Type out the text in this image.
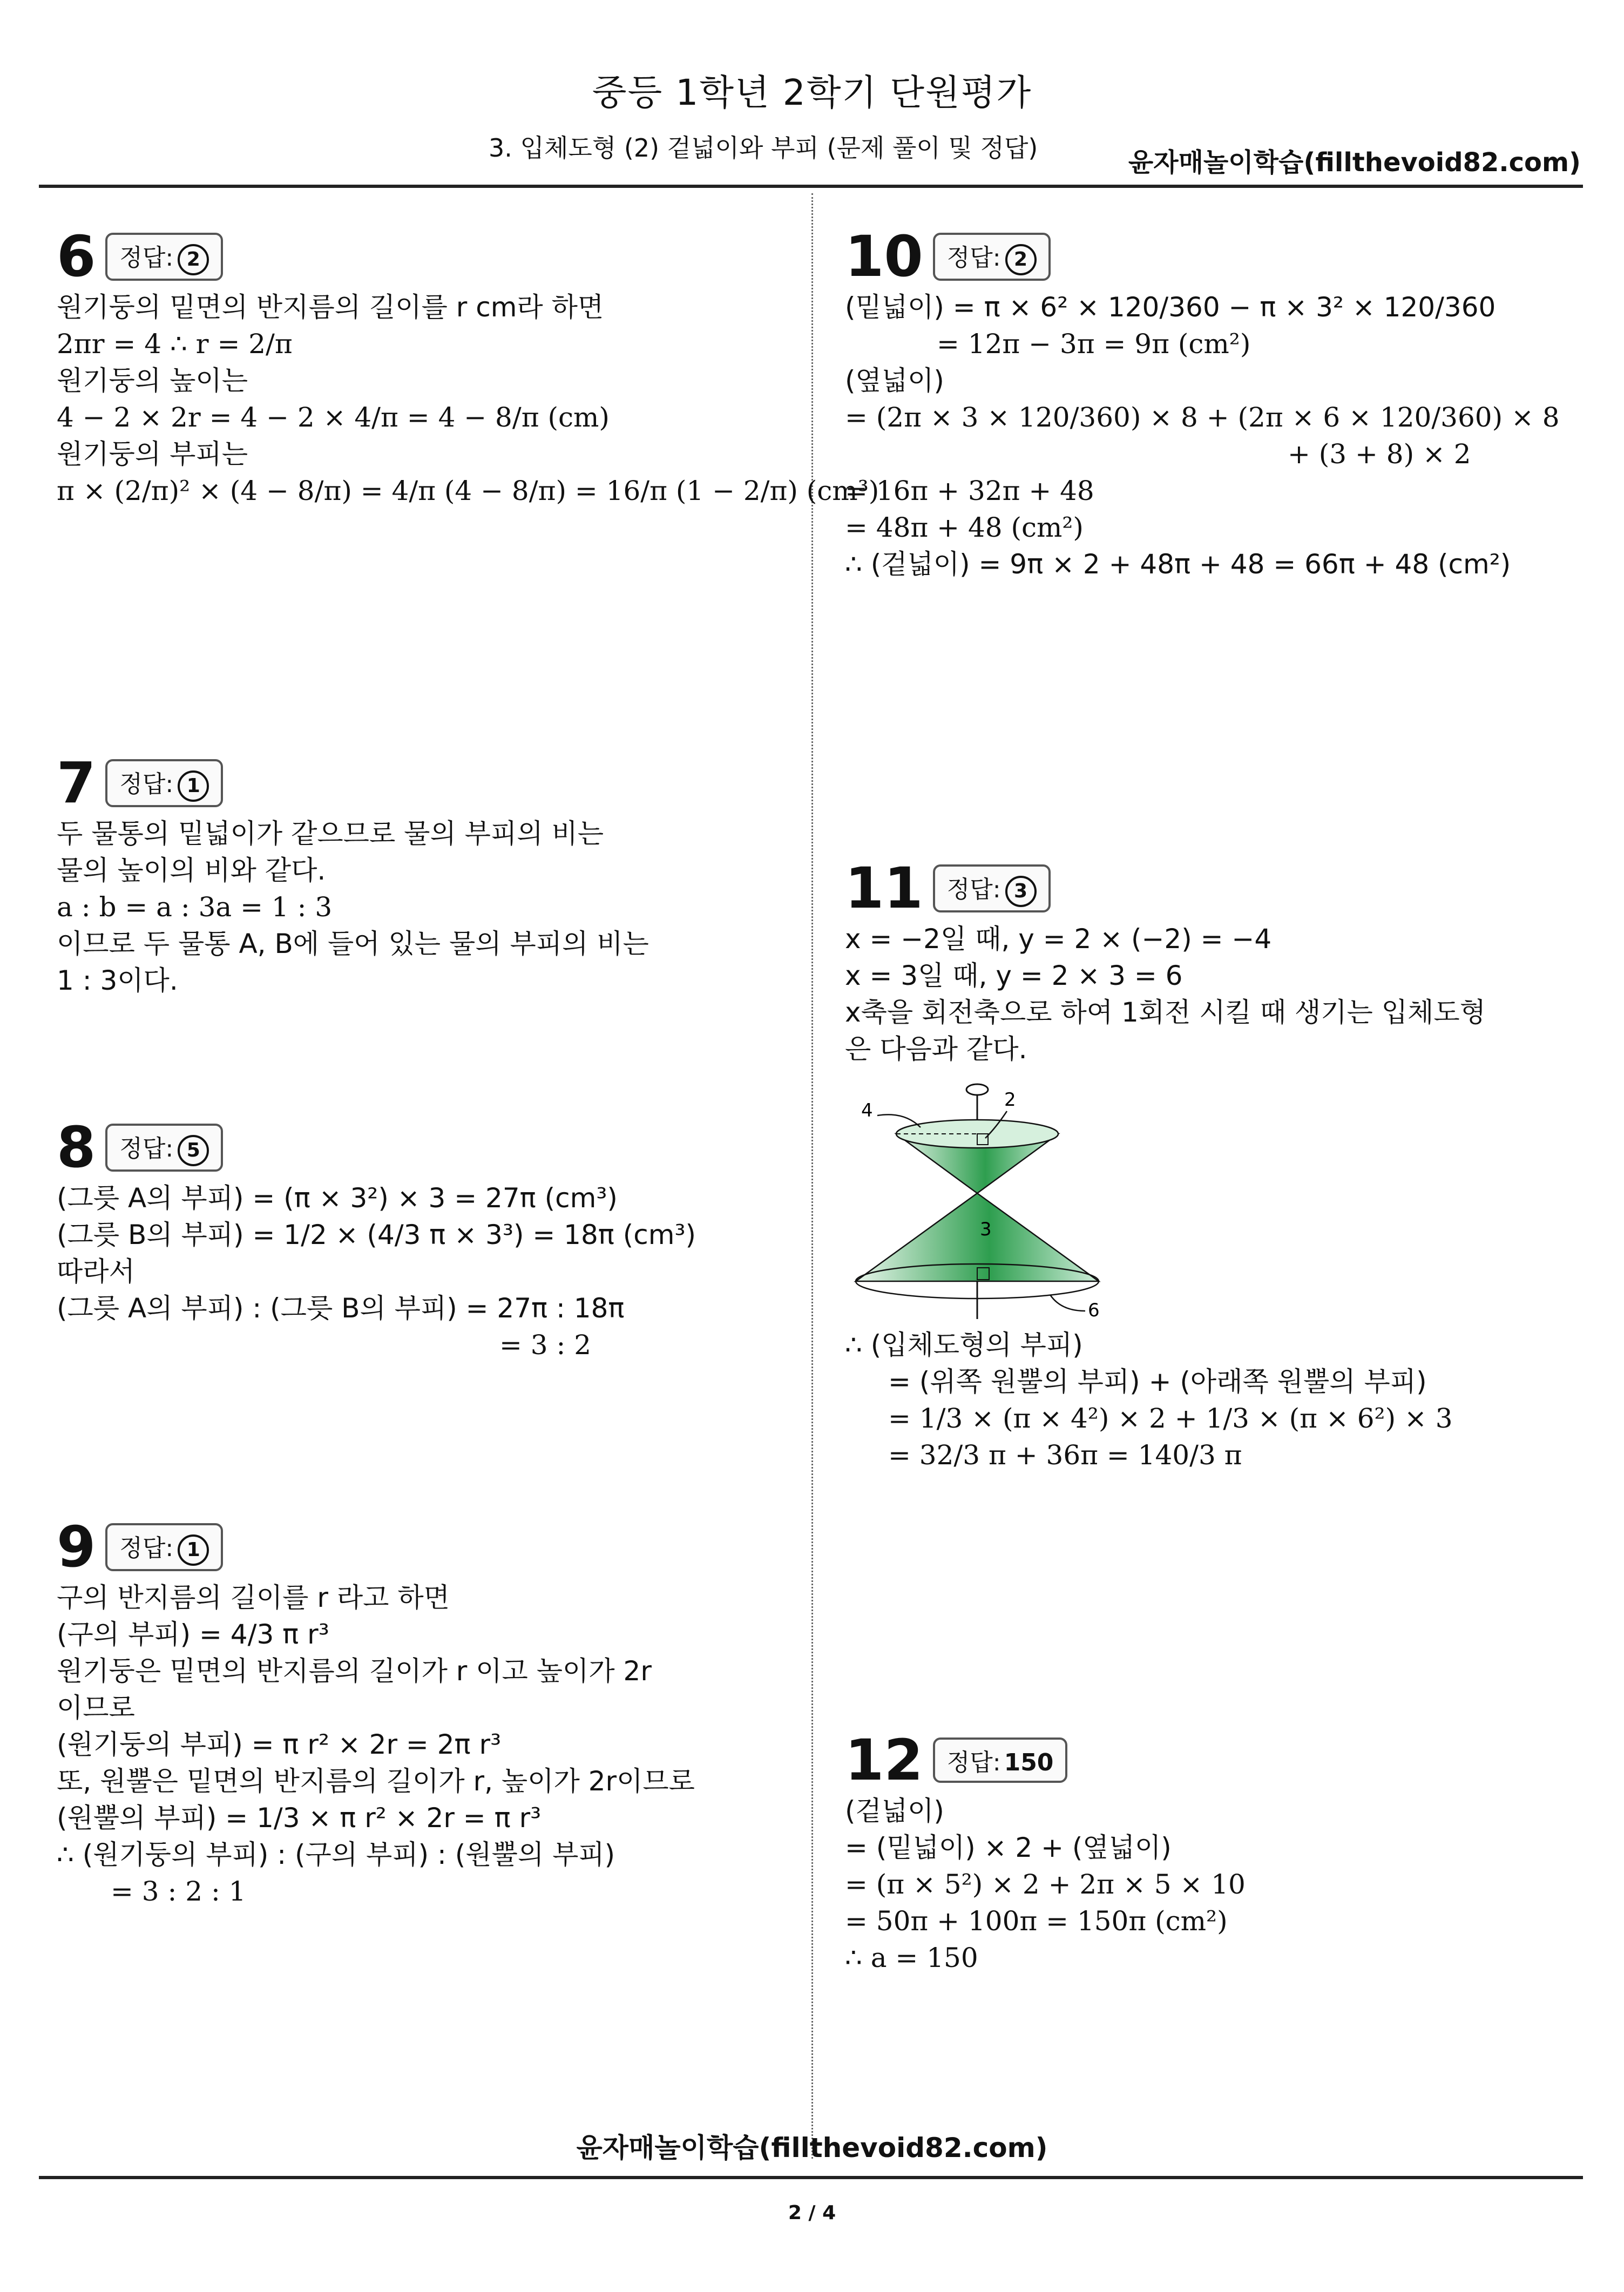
중등 1학년 2학기 단원평가
3. 입체도형 (2) 겉넓이와 부피 (문제 풀이 및 정답)	윤자매놀이학습(fillthevoid82.com)
6 정답: 2
원기둥의 밑면의 반지름의 길이를 r cm라 하면
2πr = 4 ∴ r = 2/π
원기둥의 높이는
4 − 2 × 2r = 4 − 2 × 4/π = 4 − 8/π (cm)
원기둥의 부피는
π × (2/π)² × (4 − 8/π) = 4/π (4 − 8/π) = 16/π (1 − 2/π) (cm³)
7 정답: 1
두 물통의 밑넓이가 같으므로 물의 부피의 비는
물의 높이의 비와 같다.
a : b = a : 3a = 1 : 3
이므로 두 물통 A, B에 들어 있는 물의 부피의 비는
1 : 3이다.
8 정답: 5
(그릇 A의 부피) = (π × 3²) × 3 = 27π (cm³)
(그릇 B의 부피) = 1/2 × (4/3 π × 3³) = 18π (cm³)
따라서
(그릇 A의 부피) : (그릇 B의 부피) = 27π : 18π
= 3 : 2
9 정답: 1
구의 반지름의 길이를 r 라고 하면
(구의 부피) = 4/3 π r³
원기둥은 밑면의 반지름의 길이가 r 이고 높이가 2r
이므로
(원기둥의 부피) = π r² × 2r = 2π r³
또, 원뿔은 밑면의 반지름의 길이가 r, 높이가 2r이므로
(원뿔의 부피) = 1/3 × π r² × 2r = π r³
∴ (원기둥의 부피) : (구의 부피) : (원뿔의 부피)
= 3 : 2 : 1
10 정답: 2
(밑넓이) = π × 6² × 120/360 − π × 3² × 120/360
= 12π − 3π = 9π (cm²)
(옆넓이)
= (2π × 3 × 120/360) × 8 + (2π × 6 × 120/360) × 8
+ (3 + 8) × 2
= 16π + 32π + 48
= 48π + 48 (cm²)
∴ (겉넓이) = 9π × 2 + 48π + 48 = 66π + 48 (cm²)
11 정답: 3
x = −2일 때, y = 2 × (−2) = −4
x = 3일 때, y = 2 × 3 = 6
x축을 회전축으로 하여 1회전 시킬 때 생기는 입체도형
은 다음과 같다.
4	2
3
6
∴ (입체도형의 부피)
= (위쪽 원뿔의 부피) + (아래쪽 원뿔의 부피)
= 1/3 × (π × 4²) × 2 + 1/3 × (π × 6²) × 3
= 32/3 π + 36π = 140/3 π
12 정답: 150
(겉넓이)
= (밑넓이) × 2 + (옆넓이)
= (π × 5²) × 2 + 2π × 5 × 10
= 50π + 100π = 150π (cm²)
∴ a = 150
윤자매놀이학습(fillthevoid82.com)
2 / 4
